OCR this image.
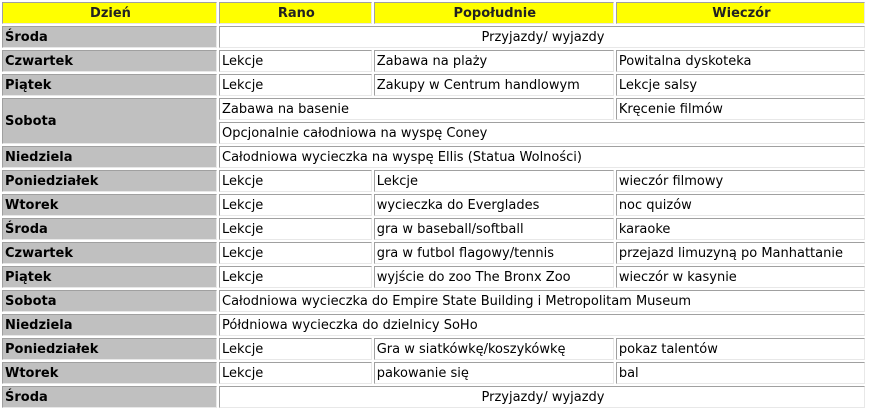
Dzień	Rano	Popołudnie	Wieczór
Środa	Przyjazdy/ wyjazdy		
Czwartek	Lekcje	Zabawa na plaży	Powitalna dyskoteka
Piątek	Lekcje	Zakupy w Centrum handlowym	Lekcje salsy
Sobota	Zabawa na basenie		Kręcenie filmów
	Opcjonalnie całodniowa na wyspę Coney		
Niedziela	Całodniowa wycieczka na wyspę Ellis (Statua Wolności)		
Poniedziałek	Lekcje	Lekcje	wieczór filmowy
Wtorek	Lekcje	wycieczka do Everglades	noc quizów
Środa	Lekcje	gra w baseball/softball	karaoke
Czwartek	Lekcje	gra w futbol flagowy/tennis	przejazd limuzyną po Manhattanie
Piątek	Lekcje	wyjście do zoo The Bronx Zoo	wieczór w kasynie
Sobota	Całodniowa wycieczka do Empire State Building i Metropolitam Museum		
Niedziela	Półdniowa wycieczka do dzielnicy SoHo		
Poniedziałek	Lekcje	Gra w siatkówkę/koszykówkę	pokaz talentów
Wtorek	Lekcje	pakowanie się	bal
Środa	Przyjazdy/ wyjazdy		
